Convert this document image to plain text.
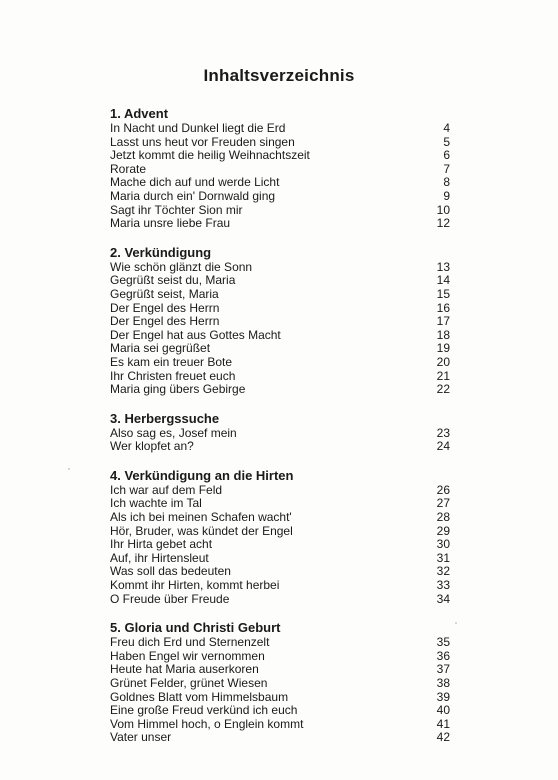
Inhaltsverzeichnis
1. Advent
In Nacht und Dunkel liegt die Erd	4
Lasst uns heut vor Freuden singen	5
Jetzt kommt die heilig Weihnachtszeit	6
Rorate	7
Mache dich auf und werde Licht	8
Maria durch ein' Dornwald ging	9
Sagt ihr Töchter Sion mir	10
Maria unsre liebe Frau	12
2. Verkündigung
Wie schön glänzt die Sonn	13
Gegrüßt seist du, Maria	14
Gegrüßt seist, Maria	15
Der Engel des Herrn	16
Der Engel des Herrn	17
Der Engel hat aus Gottes Macht	18
Maria sei gegrüßet	19
Es kam ein treuer Bote	20
Ihr Christen freuet euch	21
Maria ging übers Gebirge	22
3. Herbergssuche
Also sag es, Josef mein	23
Wer klopfet an?	24
4. Verkündigung an die Hirten
Ich war auf dem Feld	26
Ich wachte im Tal	27
Als ich bei meinen Schafen wacht'	28
Hör, Bruder, was kündet der Engel	29
Ihr Hirta gebet acht	30
Auf, ihr Hirtensleut	31
Was soll das bedeuten	32
Kommt ihr Hirten, kommt herbei	33
O Freude über Freude	34
5. Gloria und Christi Geburt
Freu dich Erd und Sternenzelt	35
Haben Engel wir vernommen	36
Heute hat Maria auserkoren	37
Grünet Felder, grünet Wiesen	38
Goldnes Blatt vom Himmelsbaum	39
Eine große Freud verkünd ich euch	40
Vom Himmel hoch, o Englein kommt	41
Vater unser	42
